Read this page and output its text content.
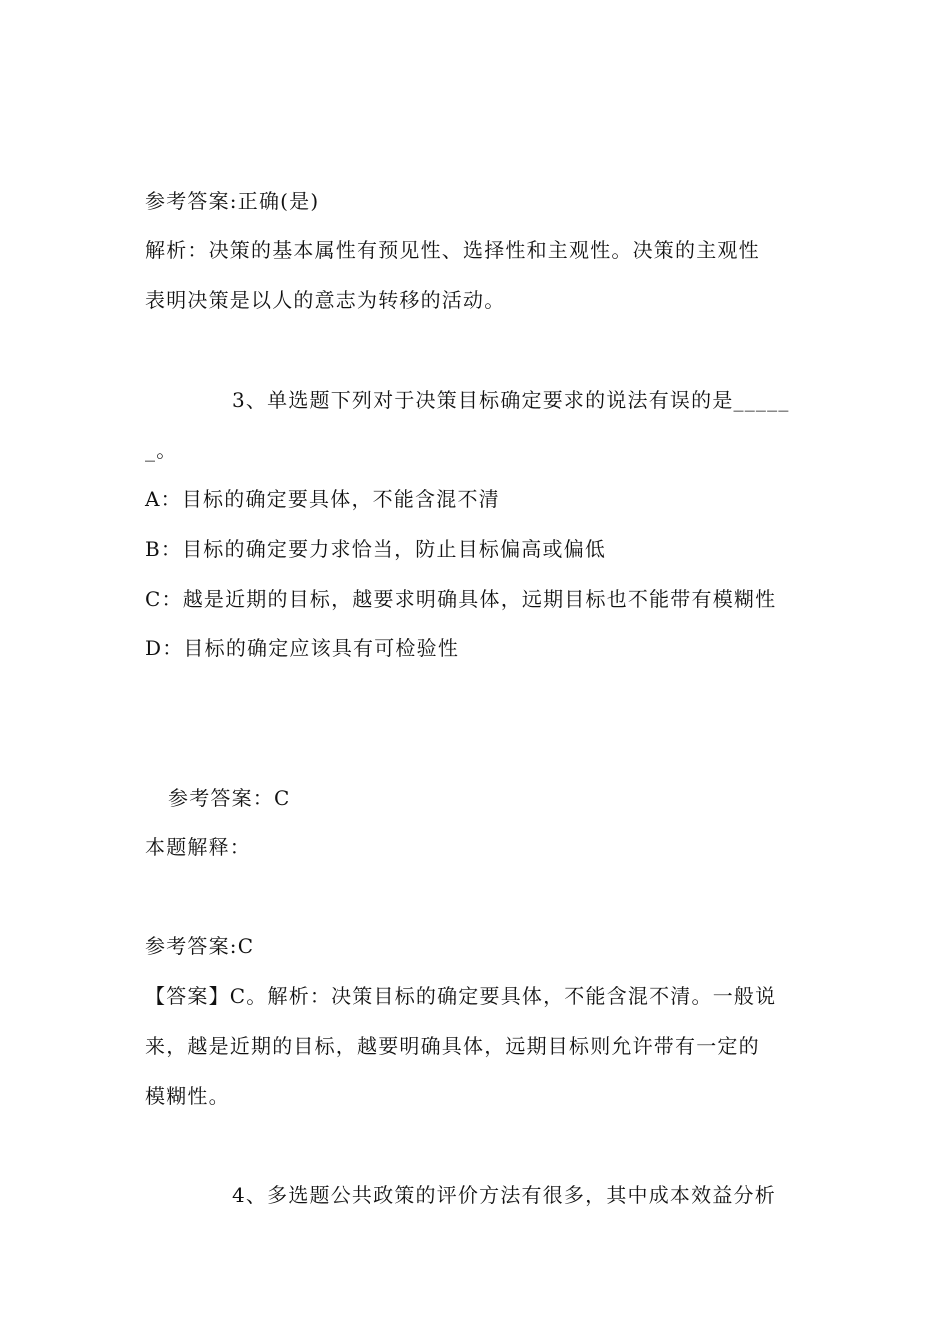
参考答案:正确(是)
解析：决策的基本属性有预见性、选择性和主观性。决策的主观性
表明决策是以人的意志为转移的活动。
3、单选题下列对于决策目标确定要求的说法有误的是_____
_。
A：目标的确定要具体，不能含混不清
B：目标的确定要力求恰当，防止目标偏高或偏低
C：越是近期的目标，越要求明确具体，远期目标也不能带有模糊性
D：目标的确定应该具有可检验性
参考答案：C
本题解释：
参考答案:C
【答案】C。解析：决策目标的确定要具体，不能含混不清。一般说
来，越是近期的目标，越要明确具体，远期目标则允许带有一定的
模糊性。
4、多选题公共政策的评价方法有很多，其中成本效益分析
